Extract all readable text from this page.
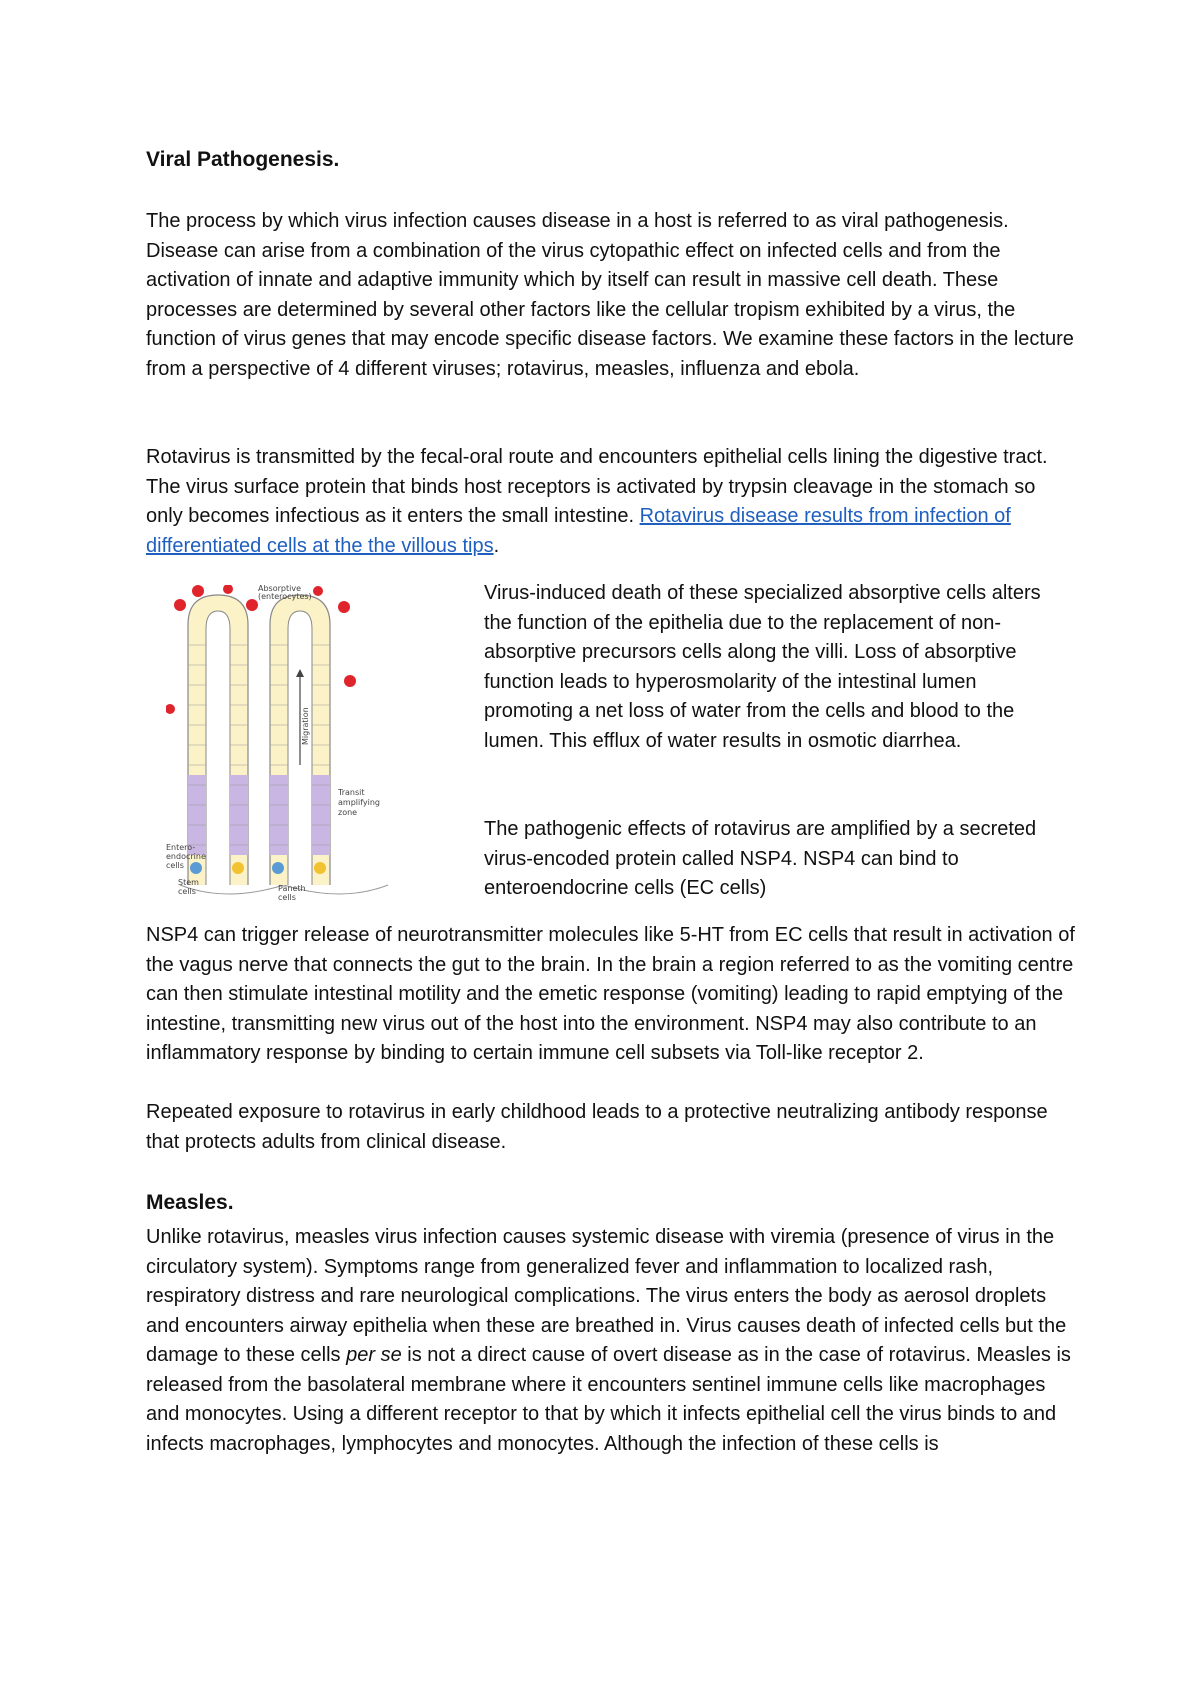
Viral Pathogenesis.

The process by which virus infection causes disease in a host is referred to as viral pathogenesis. Disease can arise from a combination of the virus cytopathic effect on infected cells and from the activation of innate and adaptive immunity which by itself can result in massive cell death. These processes are determined by several other factors like the cellular tropism exhibited by a virus, the function of virus genes that may encode specific disease factors. We examine these factors in the lecture from a perspective of 4 different viruses; rotavirus, measles, influenza and ebola.

Rotavirus is transmitted by the fecal-oral route and encounters epithelial cells lining the digestive tract. The virus surface protein that binds host receptors is activated by trypsin cleavage in the stomach so only becomes infectious as it enters the small intestine. Rotavirus disease results from infection of differentiated cells at the the villous tips.

Absorptive
(enterocytes)
Migration
Transit
amplifying
zone
Entero-
endocrine
cells
Stem
cells	Paneth
cells

Virus-induced death of these specialized absorptive cells alters the function of the epithelia due to the replacement of non-absorptive precursors cells along the villi. Loss of absorptive function leads to hyperosmolarity of the intestinal lumen promoting a net loss of water from the cells and blood to the lumen. This efflux of water results in osmotic diarrhea.

The pathogenic effects of rotavirus are amplified by a secreted virus-encoded protein called NSP4. NSP4 can bind to enteroendocrine cells (EC cells)

NSP4 can trigger release of neurotransmitter molecules like 5-HT from EC cells that result in activation of the vagus nerve that connects the gut to the brain. In the brain a region referred to as the vomiting centre can then stimulate intestinal motility and the emetic response (vomiting) leading to rapid emptying of the intestine, transmitting new virus out of the host into the environment. NSP4 may also contribute to an inflammatory response by binding to certain immune cell subsets via Toll-like receptor 2.

Repeated exposure to rotavirus in early childhood leads to a protective neutralizing antibody response that protects adults from clinical disease.

Measles.

Unlike rotavirus, measles virus infection causes systemic disease with viremia (presence of virus in the circulatory system). Symptoms range from generalized fever and inflammation to localized rash, respiratory distress and rare neurological complications. The virus enters the body as aerosol droplets and encounters airway epithelia when these are breathed in. Virus causes death of infected cells but the damage to these cells per se is not a direct cause of overt disease as in the case of rotavirus. Measles is released from the basolateral membrane where it encounters sentinel immune cells like macrophages and monocytes. Using a different receptor to that by which it infects epithelial cell the virus binds to and infects macrophages, lymphocytes and monocytes. Although the infection of these cells is
